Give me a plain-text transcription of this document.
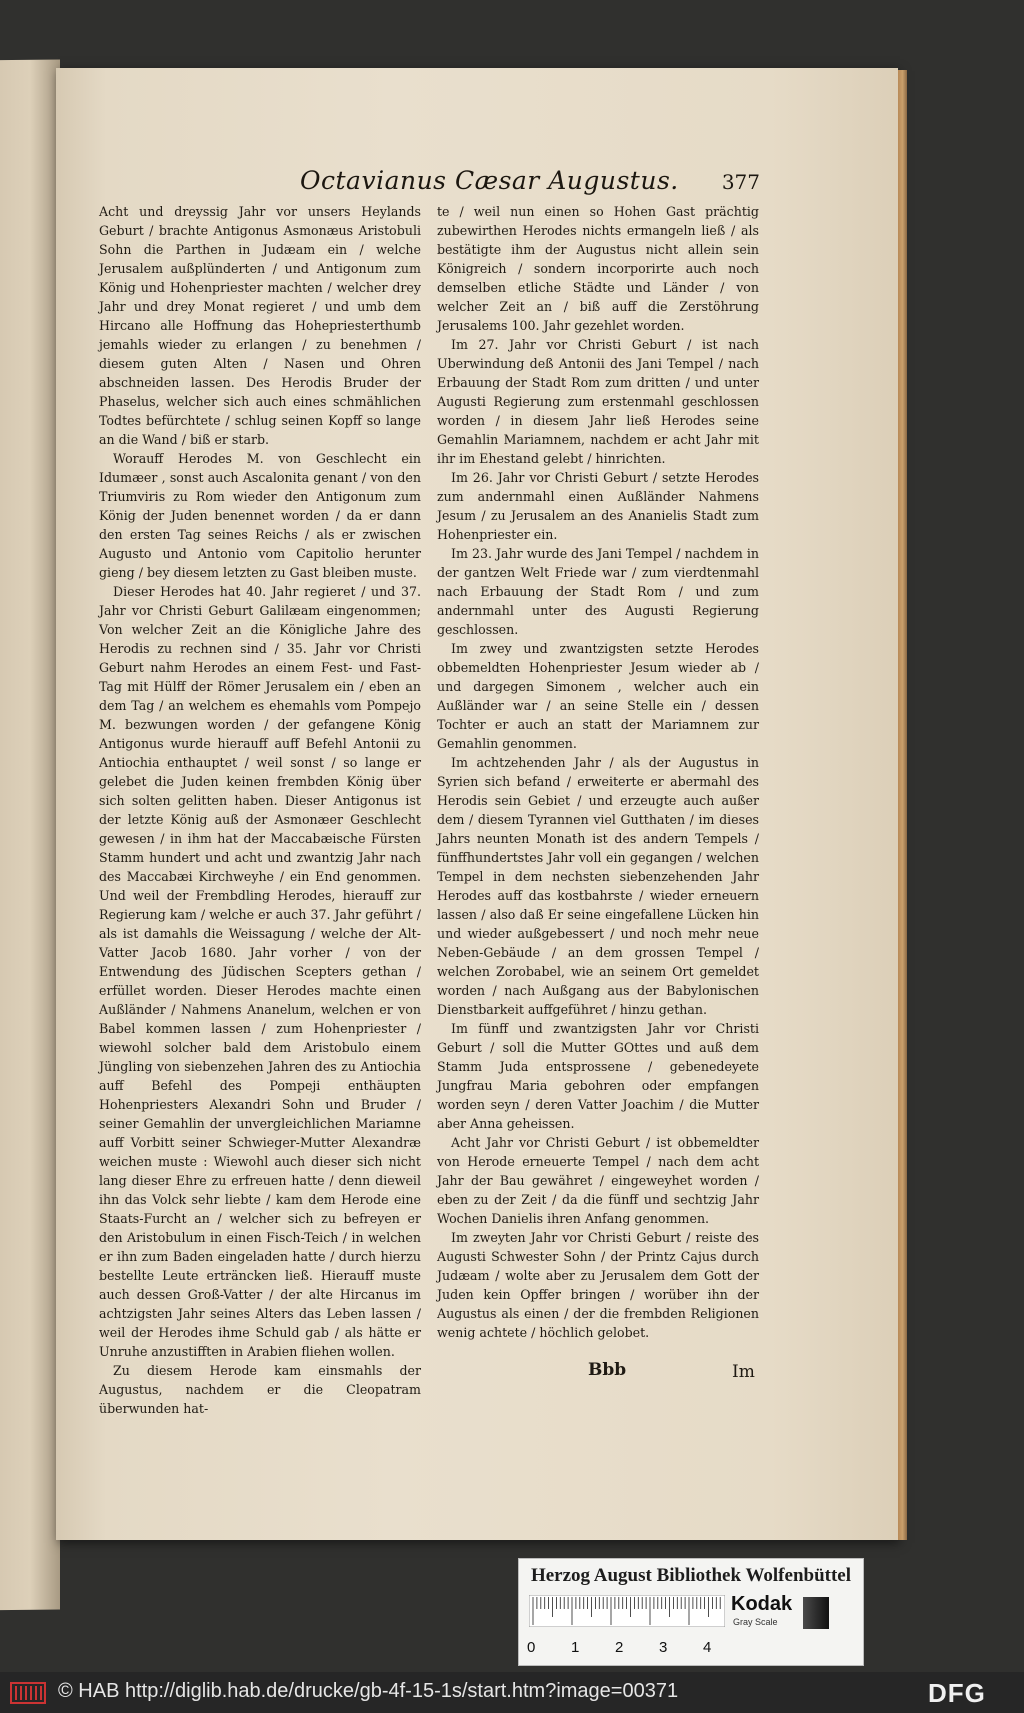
Octavianus Cæsar Augustus. 377

Acht und dreyssig Jahr vor unsers Heylands Geburt / brachte Antigonus Asmonæus Aristobuli Sohn die Parthen in Judæam ein / welche Jerusalem außplünderten / und Antigonum zum König und Hohenpriester machten / welcher drey Jahr und drey Monat regieret / und umb dem Hircano alle Hoffnung das Hohepriesterthumb jemahls wieder zu erlangen / zu benehmen / diesem guten Alten / Nasen und Ohren abschneiden lassen. Des Herodis Bruder der Phaselus, welcher sich auch eines schmählichen Todtes befürchtete / schlug seinen Kopff so lange an die Wand / biß er starb.

Worauff Herodes M. von Geschlecht ein Idumæer , sonst auch Ascalonita genant / von den Triumviris zu Rom wieder den Antigonum zum König der Juden benennet worden / da er dann den ersten Tag seines Reichs / als er zwischen Augusto und Antonio vom Capitolio herunter gieng / bey diesem letzten zu Gast bleiben muste.

Dieser Herodes hat 40. Jahr regieret / und 37. Jahr vor Christi Geburt Galilæam eingenommen; Von welcher Zeit an die Königliche Jahre des Herodis zu rechnen sind / 35. Jahr vor Christi Geburt nahm Herodes an einem Fest- und Fast-Tag mit Hülff der Römer Jerusalem ein / eben an dem Tag / an welchem es ehemahls vom Pompejo M. bezwungen worden / der gefangene König Antigonus wurde hierauff auff Befehl Antonii zu Antiochia enthauptet / weil sonst / so lange er gelebet die Juden keinen frembden König über sich solten gelitten haben. Dieser Antigonus ist der letzte König auß der Asmonæer Geschlecht gewesen / in ihm hat der Maccabæische Fürsten Stamm hundert und acht und zwantzig Jahr nach des Maccabæi Kirchweyhe / ein End genommen. Und weil der Frembdling Herodes, hierauff zur Regierung kam / welche er auch 37. Jahr geführt / als ist damahls die Weissagung / welche der Alt-Vatter Jacob 1680. Jahr vorher / von der Entwendung des Jüdischen Scepters gethan / erfüllet worden. Dieser Herodes machte einen Außländer / Nahmens Ananelum, welchen er von Babel kommen lassen / zum Hohenpriester / wiewohl solcher bald dem Aristobulo einem Jüngling von siebenzehen Jahren des zu Antiochia auff Befehl des Pompeji enthäupten Hohenpriesters Alexandri Sohn und Bruder / seiner Gemahlin der unvergleichlichen Mariamne auff Vorbitt seiner Schwieger-Mutter Alexandræ weichen muste : Wiewohl auch dieser sich nicht lang dieser Ehre zu erfreuen hatte / denn dieweil ihn das Volck sehr liebte / kam dem Herode eine Staats-Furcht an / welcher sich zu befreyen er den Aristobulum in einen Fisch-Teich / in welchen er ihn zum Baden eingeladen hatte / durch hierzu bestellte Leute erträncken ließ. Hierauff muste auch dessen Groß-Vatter / der alte Hircanus im achtzigsten Jahr seines Alters das Leben lassen / weil der Herodes ihme Schuld gab / als hätte er Unruhe anzustifften in Arabien fliehen wollen.

Zu diesem Herode kam einsmahls der Augustus, nachdem er die Cleopatram überwunden hat-

te / weil nun einen so Hohen Gast prächtig zubewirthen Herodes nichts ermangeln ließ / als bestätigte ihm der Augustus nicht allein sein Königreich / sondern incorporirte auch noch demselben etliche Städte und Länder / von welcher Zeit an / biß auff die Zerstöhrung Jerusalems 100. Jahr gezehlet worden.

Im 27. Jahr vor Christi Geburt / ist nach Uberwindung deß Antonii des Jani Tempel / nach Erbauung der Stadt Rom zum dritten / und unter Augusti Regierung zum erstenmahl geschlossen worden / in diesem Jahr ließ Herodes seine Gemahlin Mariamnem, nachdem er acht Jahr mit ihr im Ehestand gelebt / hinrichten.

Im 26. Jahr vor Christi Geburt / setzte Herodes zum andernmahl einen Außländer Nahmens Jesum / zu Jerusalem an des Ananielis Stadt zum Hohenpriester ein.

Im 23. Jahr wurde des Jani Tempel / nachdem in der gantzen Welt Friede war / zum vierdtenmahl nach Erbauung der Stadt Rom / und zum andernmahl unter des Augusti Regierung geschlossen.

Im zwey und zwantzigsten setzte Herodes obbemeldten Hohenpriester Jesum wieder ab / und dargegen Simonem , welcher auch ein Außländer war / an seine Stelle ein / dessen Tochter er auch an statt der Mariamnem zur Gemahlin genommen.

Im achtzehenden Jahr / als der Augustus in Syrien sich befand / erweiterte er abermahl des Herodis sein Gebiet / und erzeugte auch außer dem / diesem Tyrannen viel Gutthaten / im dieses Jahrs neunten Monath ist des andern Tempels / fünffhundertstes Jahr voll ein gegangen / welchen Tempel in dem nechsten siebenzehenden Jahr Herodes auff das kostbahrste / wieder erneuern lassen / also daß Er seine eingefallene Lücken hin und wieder außgebessert / und noch mehr neue Neben-Gebäude / an dem grossen Tempel / welchen Zorobabel, wie an seinem Ort gemeldet worden / nach Außgang aus der Babylonischen Dienstbarkeit auffgeführet / hinzu gethan.

Im fünff und zwantzigsten Jahr vor Christi Geburt / soll die Mutter GOttes und auß dem Stamm Juda entsprossene / gebenedeyete Jungfrau Maria gebohren oder empfangen worden seyn / deren Vatter Joachim / die Mutter aber Anna geheissen.

Acht Jahr vor Christi Geburt / ist obbemeldter von Herode erneuerte Tempel / nach dem acht Jahr der Bau gewähret / eingeweyhet worden / eben zu der Zeit / da die fünff und sechtzig Jahr Wochen Danielis ihren Anfang genommen.

Im zweyten Jahr vor Christi Geburt / reiste des Augusti Schwester Sohn / der Printz Cajus durch Judæam / wolte aber zu Jerusalem dem Gott der Juden kein Opffer bringen / worüber ihn der Augustus als einen / der die frembden Religionen wenig achtete / höchlich gelobet.

Bbb	Im
Herzog August Bibliothek Wolfenbüttel
Kodak
Gray Scale
0 1 2 3 4
© HAB http://diglib.hab.de/drucke/gb-4f-15-1s/start.htm?image=00371	DFG
